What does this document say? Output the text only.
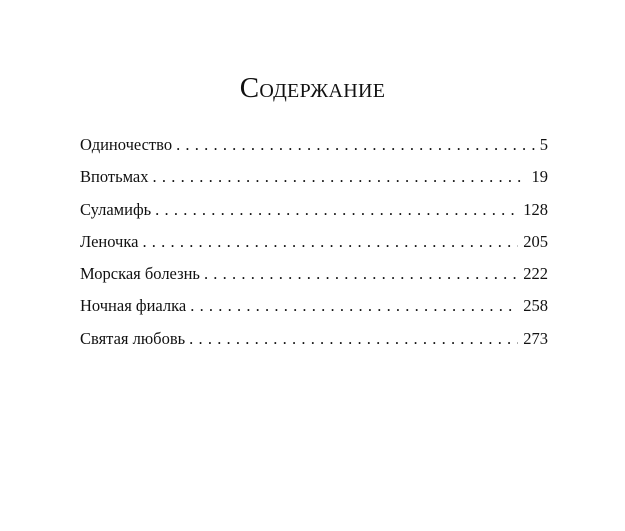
Содержание
Одиночество . . .	5
Впотьмах . . .	19
Суламифь . . .	128
Леночка . . .	205
Морская болезнь . . .	222
Ночная фиалка . . .	258
Святая любовь . . .	273
